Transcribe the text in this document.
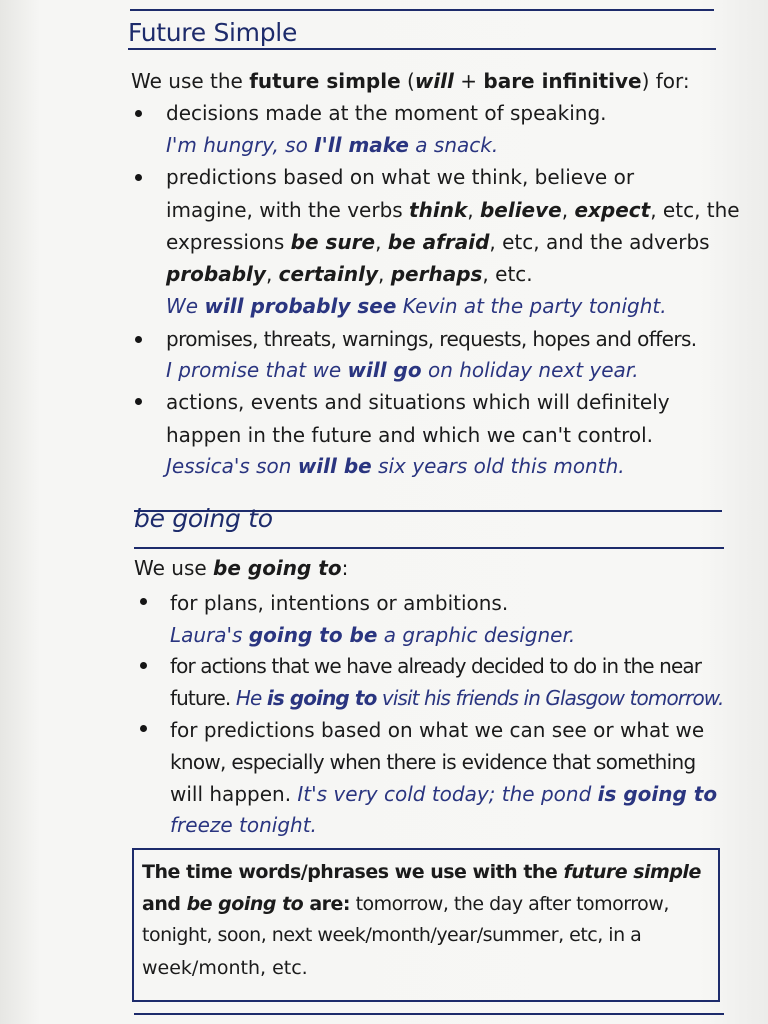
Future Simple
We use the future simple (will + bare infinitive) for:
decisions made at the moment of speaking.
I'm hungry, so I'll make a snack.
predictions based on what we think, believe or
imagine, with the verbs think, believe, expect, etc, the
expressions be sure, be afraid, etc, and the adverbs
probably, certainly, perhaps, etc.
We will probably see Kevin at the party tonight.
promises, threats, warnings, requests, hopes and offers.
I promise that we will go on holiday next year.
actions, events and situations which will definitely
happen in the future and which we can't control.
Jessica's son will be six years old this month.
be going to
We use be going to:
for plans, intentions or ambitions.
Laura's going to be a graphic designer.
for actions that we have already decided to do in the near
future. He is going to visit his friends in Glasgow tomorrow.
for predictions based on what we can see or what we
know, especially when there is evidence that something
will happen. It's very cold today; the pond is going to
freeze tonight.
The time words/phrases we use with the future simple
and be going to are: tomorrow, the day after tomorrow,
tonight, soon, next week/month/year/summer, etc, in a
week/month, etc.
